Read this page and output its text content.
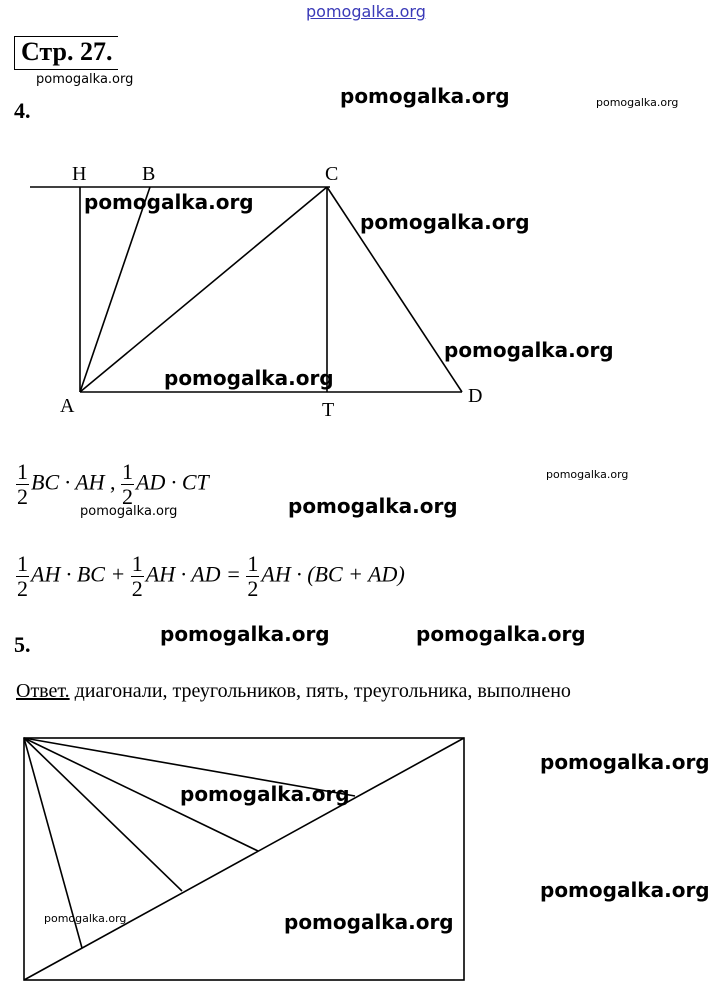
pomogalka.org
Стр. 27.
pomogalka.org
pomogalka.org	pomogalka.org
4.
H	B	C
A	T
D
pomogalka.org
pomogalka.org
pomogalka.org
pomogalka.org
$\frac{1}{2}$ BC · AH , $\frac{1}{2}$ AD · CT	pomogalka.org
pomogalka.org	pomogalka.org
$\frac{1}{2}$ AH · BC + $\frac{1}{2}$ AH · AD = $\frac{1}{2}$ AH · (BC + AD)
5.	pomogalka.org	pomogalka.org
Ответ. диагонали, треугольников, пять, треугольника, выполнено
pomogalka.org
pomogalka.org
pomogalka.org
pomogalka.org	pomogalka.org
